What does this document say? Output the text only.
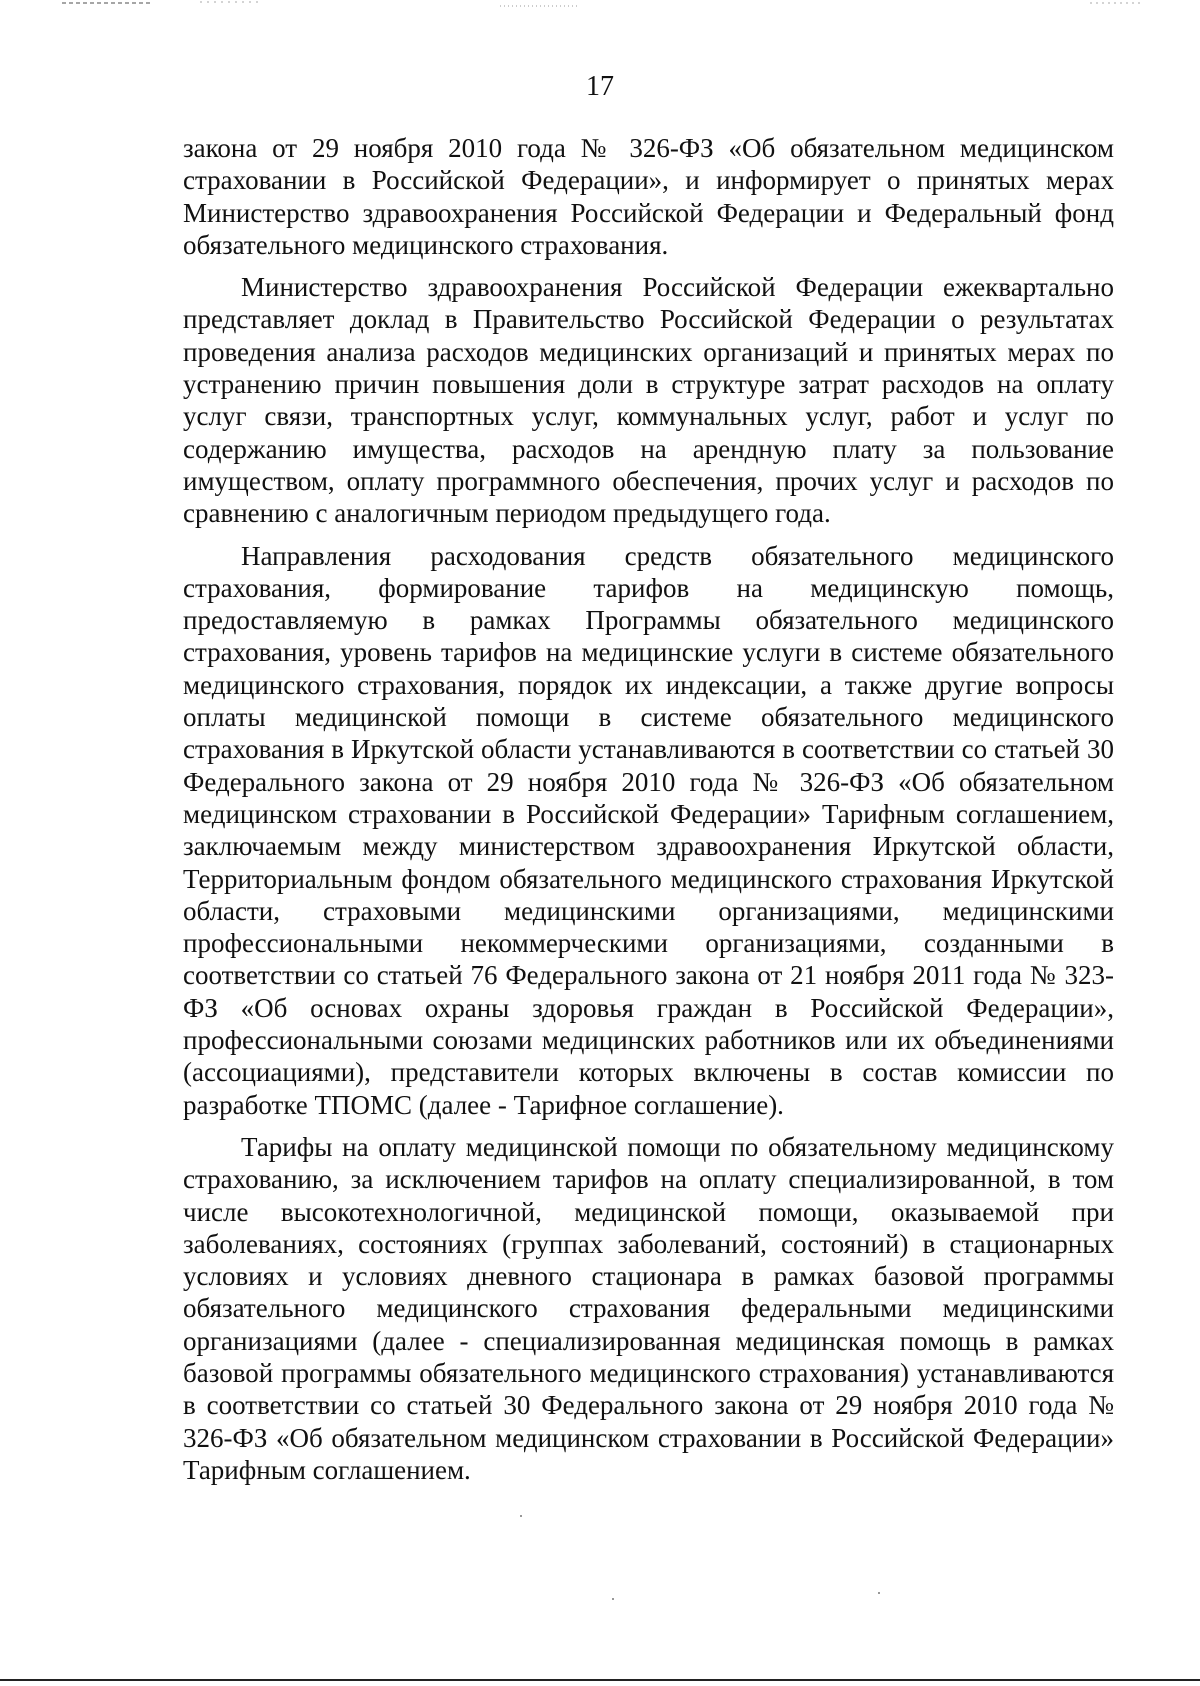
17

закона от 29 ноября 2010 года № 326-ФЗ «Об обязательном медицинском страховании в Российской Федерации», и информирует о принятых мерах Министерство здравоохранения Российской Федерации и Федеральный фонд обязательного медицинского страхования.

Министерство здравоохранения Российской Федерации ежеквартально представляет доклад в Правительство Российской Федерации о результатах проведения анализа расходов медицинских организаций и принятых мерах по устранению причин повышения доли в структуре затрат расходов на оплату услуг связи, транспортных услуг, коммунальных услуг, работ и услуг по содержанию имущества, расходов на арендную плату за пользование имуществом, оплату программного обеспечения, прочих услуг и расходов по сравнению с аналогичным периодом предыдущего года.

Направления расходования средств обязательного медицинского страхования, формирование тарифов на медицинскую помощь, предоставляемую в рамках Программы обязательного медицинского страхования, уровень тарифов на медицинские услуги в системе обязательного медицинского страхования, порядок их индексации, а также другие вопросы оплаты медицинской помощи в системе обязательного медицинского страхования в Иркутской области устанавливаются в соответствии со статьей 30 Федерального закона от 29 ноября 2010 года № 326-ФЗ «Об обязательном медицинском страховании в Российской Федерации» Тарифным соглашением, заключаемым между министерством здравоохранения Иркутской области, Территориальным фондом обязательного медицинского страхования Иркутской области, страховыми медицинскими организациями, медицинскими профессиональными некоммерческими организациями, созданными в соответствии со статьей 76 Федерального закона от 21 ноября 2011 года № 323-ФЗ «Об основах охраны здоровья граждан в Российской Федерации», профессиональными союзами медицинских работников или их объединениями (ассоциациями), представители которых включены в состав комиссии по разработке ТПОМС (далее - Тарифное соглашение).

Тарифы на оплату медицинской помощи по обязательному медицинскому страхованию, за исключением тарифов на оплату специализированной, в том числе высокотехнологичной, медицинской помощи, оказываемой при заболеваниях, состояниях (группах заболеваний, состояний) в стационарных условиях и условиях дневного стационара в рамках базовой программы обязательного медицинского страхования федеральными медицинскими организациями (далее - специализированная медицинская помощь в рамках базовой программы обязательного медицинского страхования) устанавливаются в соответствии со статьей 30 Федерального закона от 29 ноября 2010 года № 326-ФЗ «Об обязательном медицинском страховании в Российской Федерации» Тарифным соглашением.
